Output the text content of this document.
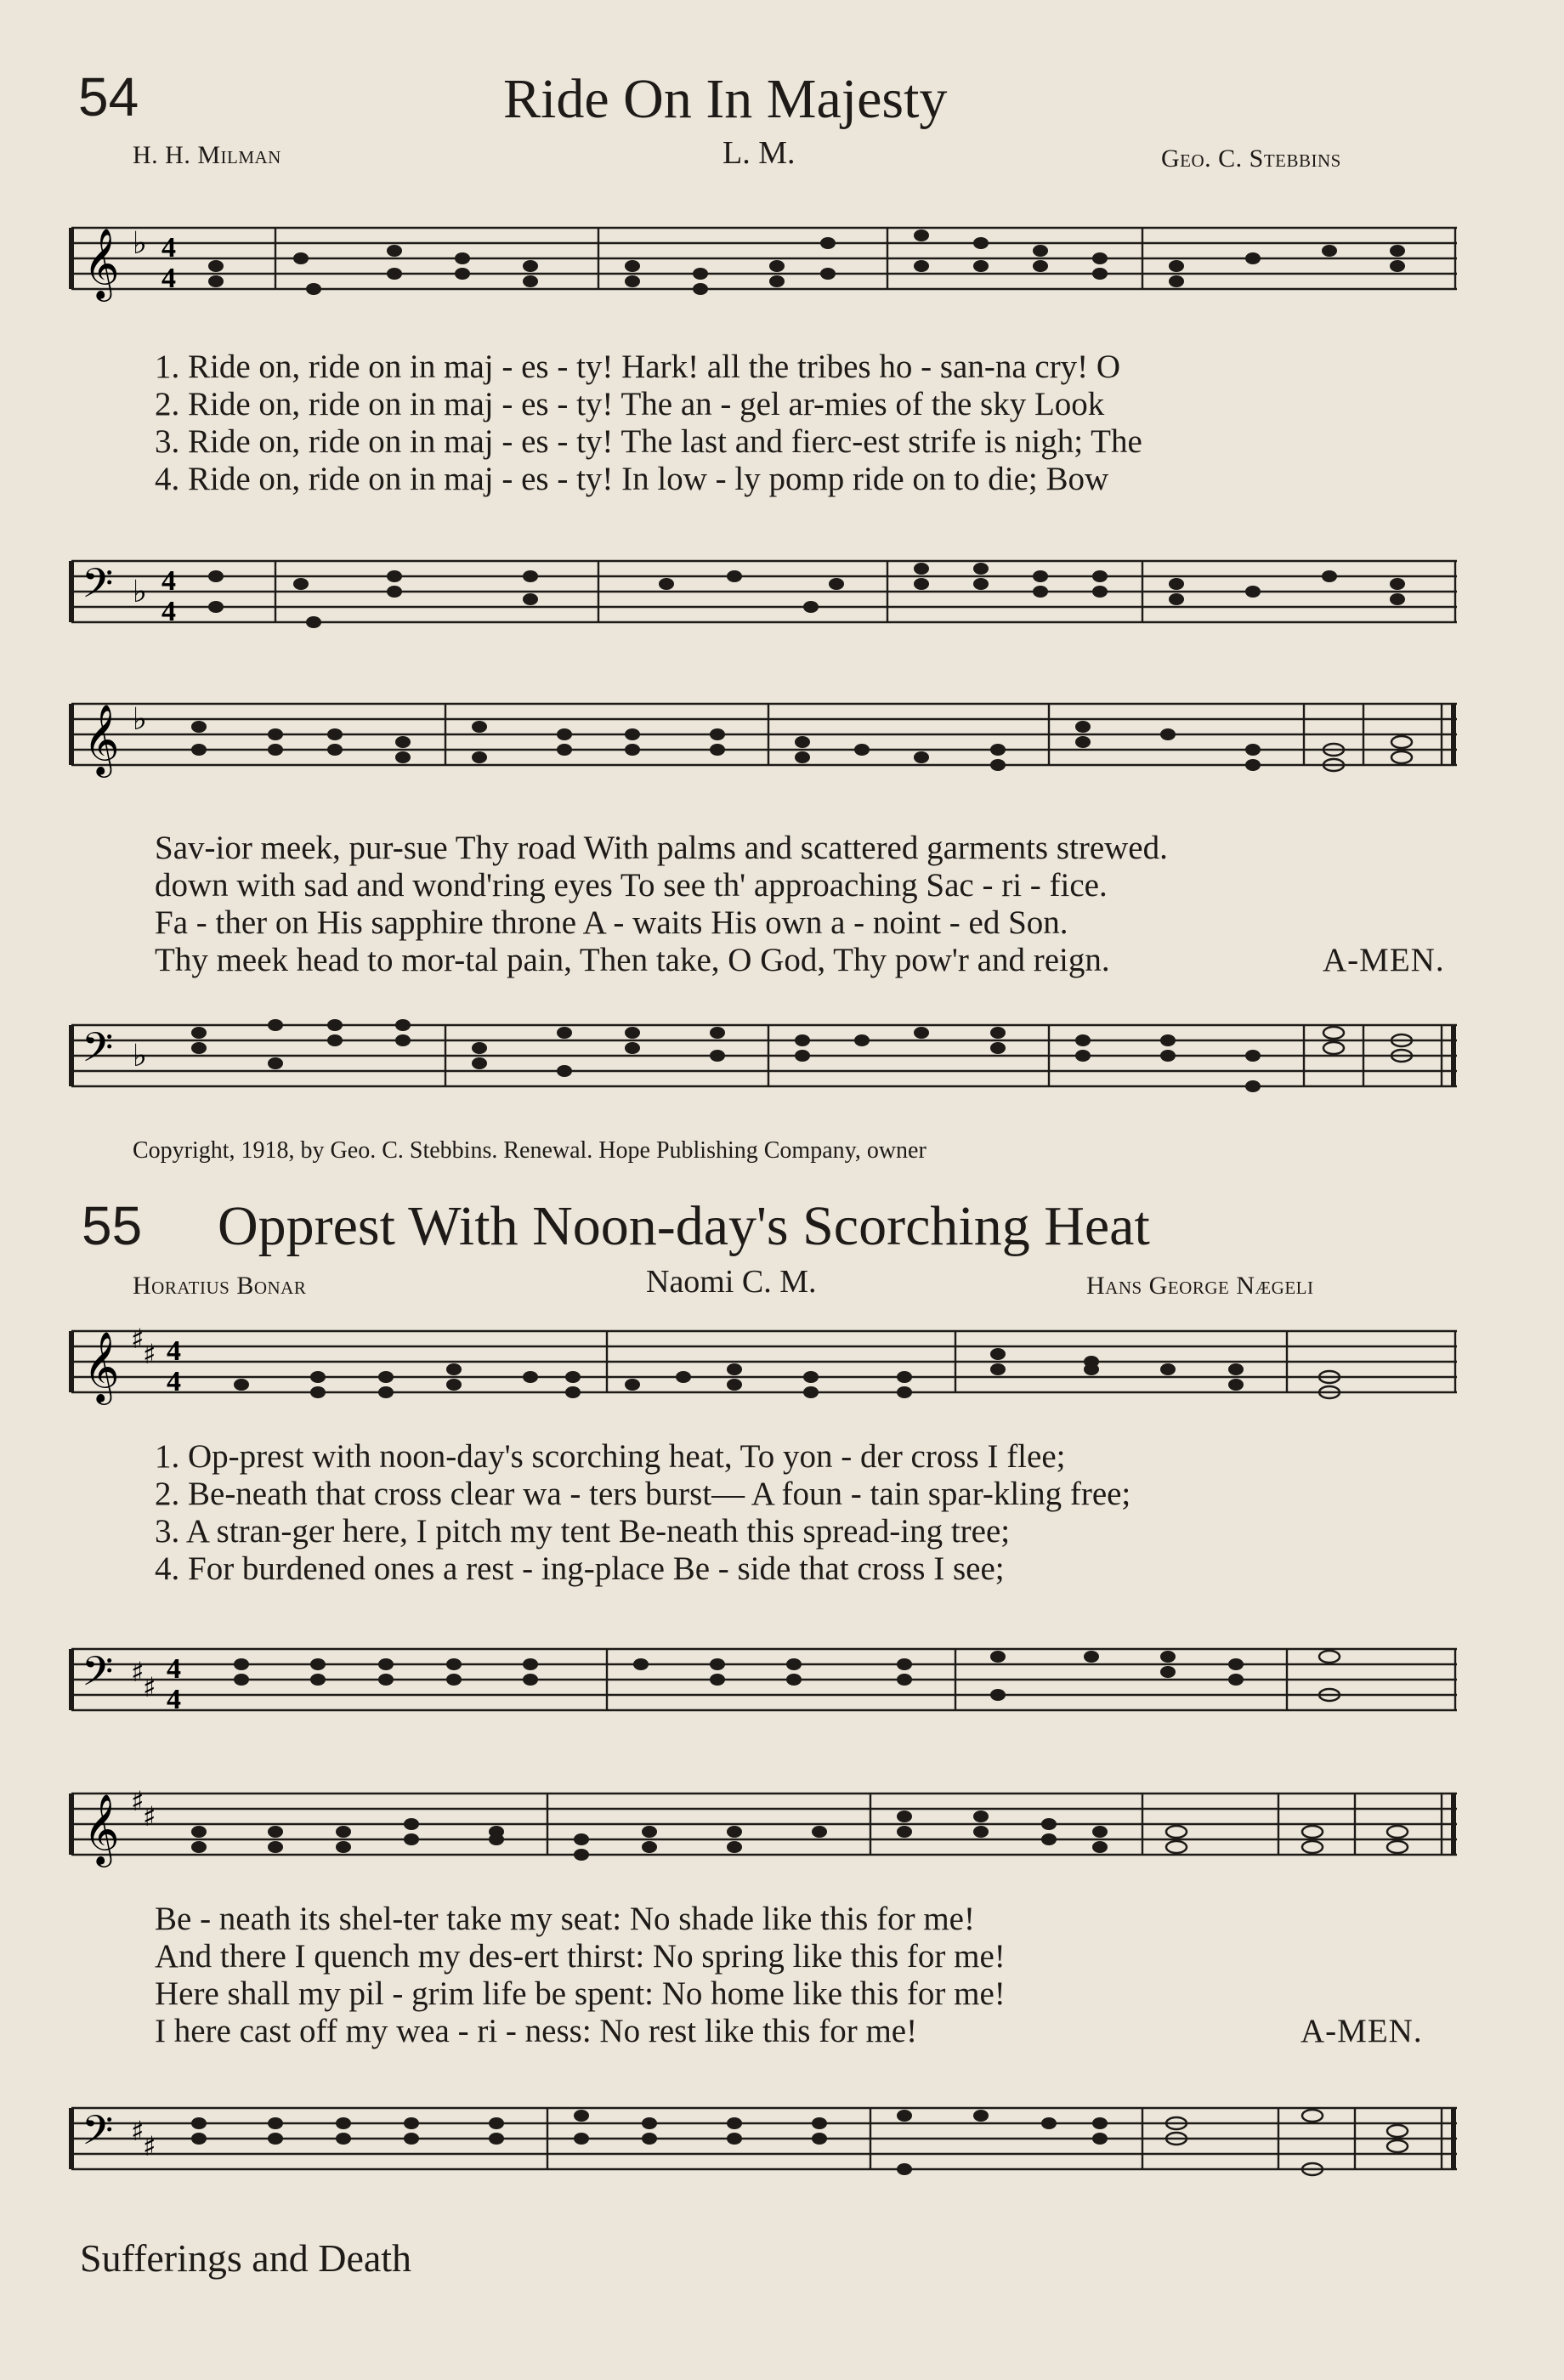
54	Ride On In Majesty
H. H. Milman	L. M.	Geo. C. Stebbins
𝄞 ♭ 4
4
1. Ride on, ride on in maj - es - ty! Hark! all the tribes ho - san-na cry! O
2. Ride on, ride on in maj - es - ty! The an - gel ar-mies of the sky Look
3. Ride on, ride on in maj - es - ty! The last and fierc-est strife is nigh; The
4. Ride on, ride on in maj - es - ty! In low - ly pomp ride on to die; Bow
𝄢 ♭ 4
4
𝄞 ♭
Sav-ior meek, pur-sue Thy road With palms and scattered garments strewed.
down with sad and wond'ring eyes To see th' approaching Sac - ri - fice.
Fa - ther on His sapphire throne A - waits His own a - noint - ed Son.
Thy meek head to mor-tal pain, Then take, O God, Thy pow'r and reign.	A-MEN.
𝄢 ♭
Copyright, 1918, by Geo. C. Stebbins. Renewal. Hope Publishing Company, owner
55 Opprest With Noon-day's Scorching Heat
Horatius Bonar	Naomi C. M.	Hans George Nægeli
𝄞 ♯
♯ 4
4
1. Op-prest with noon-day's scorching heat, To yon - der cross I flee;
2. Be-neath that cross clear wa - ters burst— A foun - tain spar-kling free;
3. A stran-ger here, I pitch my tent Be-neath this spread-ing tree;
4. For burdened ones a rest - ing-place Be - side that cross I see;
𝄢 ♯
♯
4
4
𝄞 ♯
♯
Be - neath its shel-ter take my seat: No shade like this for me!
And there I quench my des-ert thirst: No spring like this for me!
Here shall my pil - grim life be spent: No home like this for me!
I here cast off my wea - ri - ness: No rest like this for me!	A-MEN.
𝄢 ♯
♯
Sufferings and Death
